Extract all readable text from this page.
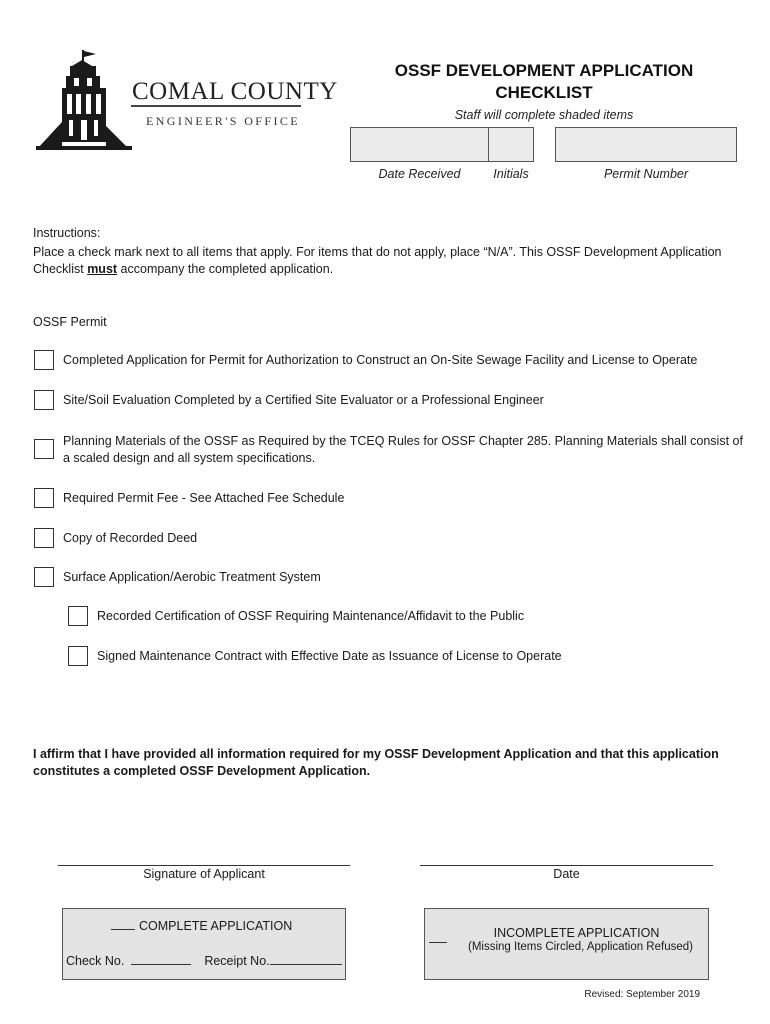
COMAL COUNTY
ENGINEER'S OFFICE
OSSF DEVELOPMENT APPLICATION CHECKLIST
Staff will complete shaded items
Date Received	Initials	Permit Number
Instructions:
Place a check mark next to all items that apply. For items that do not apply, place “N/A”. This OSSF Development Application Checklist must accompany the completed application.
OSSF Permit
Completed Application for Permit for Authorization to Construct an On-Site Sewage Facility and License to Operate
Site/Soil Evaluation Completed by a Certified Site Evaluator or a Professional Engineer
Planning Materials of the OSSF as Required by the TCEQ Rules for OSSF Chapter 285. Planning Materials shall consist of a scaled design and all system specifications.
Required Permit Fee - See Attached Fee Schedule
Copy of Recorded Deed
Surface Application/Aerobic Treatment System
Recorded Certification of OSSF Requiring Maintenance/Affidavit to the Public
Signed Maintenance Contract with Effective Date as Issuance of License to Operate
I affirm that I have provided all information required for my OSSF Development Application and that this application constitutes a completed OSSF Development Application.
Signature of Applicant	Date
COMPLETE APPLICATION
Check No.	Receipt No.
INCOMPLETE APPLICATION
(Missing Items Circled, Application Refused)
Revised: September 2019
